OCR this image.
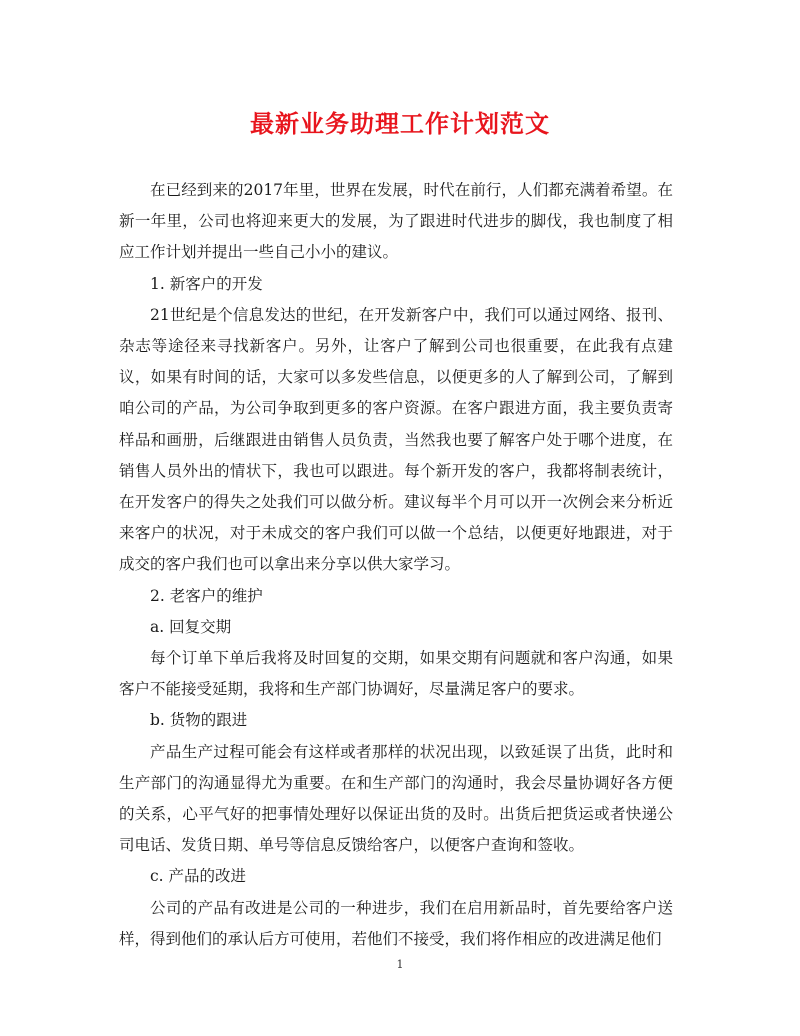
最新业务助理工作计划范文

在已经到来的2017年里，世界在发展，时代在前行，人们都充满着希望。在新一年里，公司也将迎来更大的发展，为了跟进时代进步的脚伐，我也制度了相应工作计划并提出一些自己小小的建议。

1. 新客户的开发

21世纪是个信息发达的世纪，在开发新客户中，我们可以通过网络、报刊、杂志等途径来寻找新客户。另外，让客户了解到公司也很重要，在此我有点建议，如果有时间的话，大家可以多发些信息，以便更多的人了解到公司，了解到咱公司的产品，为公司争取到更多的客户资源。在客户跟进方面，我主要负责寄样品和画册，后继跟进由销售人员负责，当然我也要了解客户处于哪个进度，在销售人员外出的情状下，我也可以跟进。每个新开发的客户，我都将制表统计，在开发客户的得失之处我们可以做分析。建议每半个月可以开一次例会来分析近来客户的状况，对于未成交的客户我们可以做一个总结，以便更好地跟进，对于成交的客户我们也可以拿出来分享以供大家学习。

2. 老客户的维护

a. 回复交期

每个订单下单后我将及时回复的交期，如果交期有问题就和客户沟通，如果客户不能接受延期，我将和生产部门协调好，尽量满足客户的要求。

b. 货物的跟进

产品生产过程可能会有这样或者那样的状况出现，以致延误了出货，此时和生产部门的沟通显得尤为重要。在和生产部门的沟通时，我会尽量协调好各方便的关系，心平气好的把事情处理好以保证出货的及时。出货后把货运或者快递公司电话、发货日期、单号等信息反馈给客户，以便客户查询和签收。

c. 产品的改进

公司的产品有改进是公司的一种进步，我们在启用新品时，首先要给客户送样，得到他们的承认后方可使用，若他们不接受，我们将作相应的改进满足他们

1
